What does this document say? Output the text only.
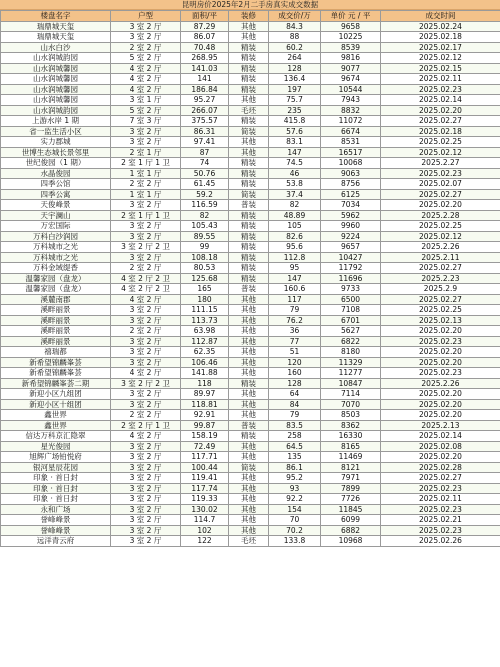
昆明房价2025年2月二手房真实成交数据
楼盘名字	户型	面积/平	装修	成交价/万	单价 元 / 平	成交时间
瑞鼎城天玺	3 室 2 厅	87.29	其他	84.3	9658	2025.02.24
瑞鼎城天玺	3 室 2 厅	86.07	其他	88	10225	2025.02.18
山水白沙	2 室 2 厅	70.48	精装	60.2	8539	2025.02.17
山水润城韵园	5 室 2 厅	268.95	精装	264	9816	2025.02.12
山水润城馨园	4 室 2 厅	141.03	精装	128	9077	2025.02.15
山水润城馨园	4 室 2 厅	141	精装	136.4	9674	2025.02.11
山水润城馨园	4 室 2 厅	186.84	精装	197	10544	2025.02.23
山水润城馨园	3 室 1 厅	95.27	其他	75.7	7943	2025.02.14
山水润城韵园	5 室 2 厅	266.07	毛坯	235	8832	2025.02.20
上游水岸 1 期	7 室 3 厅	375.57	精装	415.8	11072	2025.02.27
省一监生活小区	3 室 2 厅	86.31	简装	57.6	6674	2025.02.18
实力郡城	3 室 2 厅	97.41	其他	83.1	8531	2025.02.25
世博生态城长景邻里	2 室 1 厅	87	其他	147	16517	2025.02.12
世纪俊园（1 期）	2 室 1 厅 1 卫	74	精装	74.5	10068	2025.2.27
水晶俊园	1 室 1 厅	50.76	精装	46	9063	2025.02.23
四季公馆	2 室 2 厅	61.45	精装	53.8	8756	2025.02.07
四季公寓	1 室 1 厅	59.2	简装	37.4	6125	2025.02.27
天俊峰景	3 室 2 厅	116.59	普装	82	7034	2025.02.20
天宇澜山	2 室 1 厅 1 卫	82	精装	48.89	5962	2025.2.28
万宏国际	3 室 2 厅	105.43	精装	105	9960	2025.02.25
万科白沙润园	3 室 2 厅	89.55	精装	82.6	9224	2025.02.12
万科城市之光	3 室 2 厅 2 卫	99	精装	95.6	9657	2025.2.26
万科城市之光	3 室 2 厅	108.18	精装	112.8	10427	2025.2.11
万科金域缇香	2 室 2 厅	80.53	精装	95	11792	2025.02.27
温馨家园（盘龙）	4 室 2 厅 2 卫	125.68	精装	147	11696	2025.2.23
温馨家园（盘龙）	4 室 2 厅 2 卫	165	普装	160.6	9733	2025.2.9
溪麓南郡	4 室 2 厅	180	其他	117	6500	2025.02.27
溪畔丽景	3 室 2 厅	111.15	其他	79	7108	2025.02.25
溪畔丽景	3 室 2 厅	113.73	其他	76.2	6701	2025.02.13
溪畔丽景	2 室 2 厅	63.98	其他	36	5627	2025.02.20
溪畔丽景	3 室 2 厅	112.87	其他	77	6822	2025.02.23
禧瑞都	3 室 2 厅	62.35	其他	51	8180	2025.02.20
新希望锦麟峯荟	3 室 2 厅	106.46	其他	120	11329	2025.02.20
新希望锦麟峯荟	4 室 2 厅	141.88	其他	160	11277	2025.02.23
新希望锦麟峯荟二期	3 室 2 厅 2 卫	118	精装	128	10847	2025.2.26
新迎小区九组团	3 室 2 厅	89.97	其他	64	7114	2025.02.20
新迎小区十组团	3 室 2 厅	118.81	其他	84	7070	2025.02.20
鑫世界	2 室 2 厅	92.91	其他	79	8503	2025.02.20
鑫世界	2 室 2 厅 1 卫	99.87	普装	83.5	8362	2025.2.13
信达万科京汇隐翠	4 室 2 厅	158.19	精装	258	16330	2025.02.14
星光俊园	3 室 2 厅	72.49	其他	64.5	8165	2025.02.08
旭辉广场铂悦府	3 室 2 厅	117.71	其他	135	11469	2025.02.20
银河星辰花园	3 室 2 厅	100.44	简装	86.1	8121	2025.02.28
印象 · 首日封	3 室 2 厅	119.41	其他	95.2	7971	2025.02.27
印象 · 首日封	3 室 2 厅	117.74	其他	93	7899	2025.02.23
印象 · 首日封	3 室 2 厅	119.33	其他	92.2	7726	2025.02.11
永和广场	3 室 2 厅	130.02	其他	154	11845	2025.02.23
誉峰峰景	3 室 2 厅	114.7	其他	70	6099	2025.02.21
誉峰峰景	3 室 2 厅	102	其他	70.2	6882	2025.02.23
远洋青云府	3 室 2 厅	122	毛坯	133.8	10968	2025.02.26
